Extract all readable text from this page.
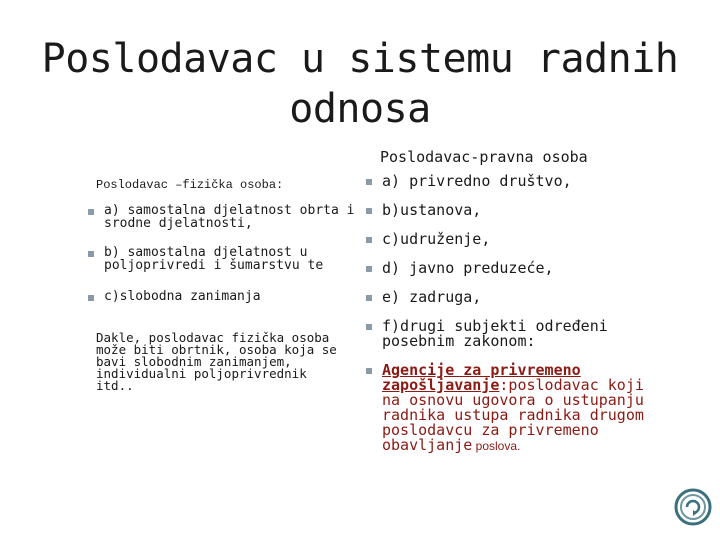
Poslodavac u sistemu radnih
odnosa
Poslodavac-pravna osoba
Poslodavac –fizička osoba:
a) samostalna djelatnost obrta i srodne djelatnosti,
b) samostalna djelatnost u poljoprivredi i šumarstvu te
c)slobodna zanimanja
Dakle, poslodavac fizička osoba može biti obrtnik, osoba koja se bavi slobodnim zanimanjem, individualni poljoprivrednik itd..
a) privredno društvo,
b)ustanova,
c)udruženje,
d) javno preduzeće,
e) zadruga,
f)drugi subjekti određeni posebnim zakonom:
Agencije za privremeno zapošljavanje:poslodavac koji na osnovu ugovora o ustupanju radnika ustupa radnika drugom poslodavcu za privremeno obavljanje poslova.
